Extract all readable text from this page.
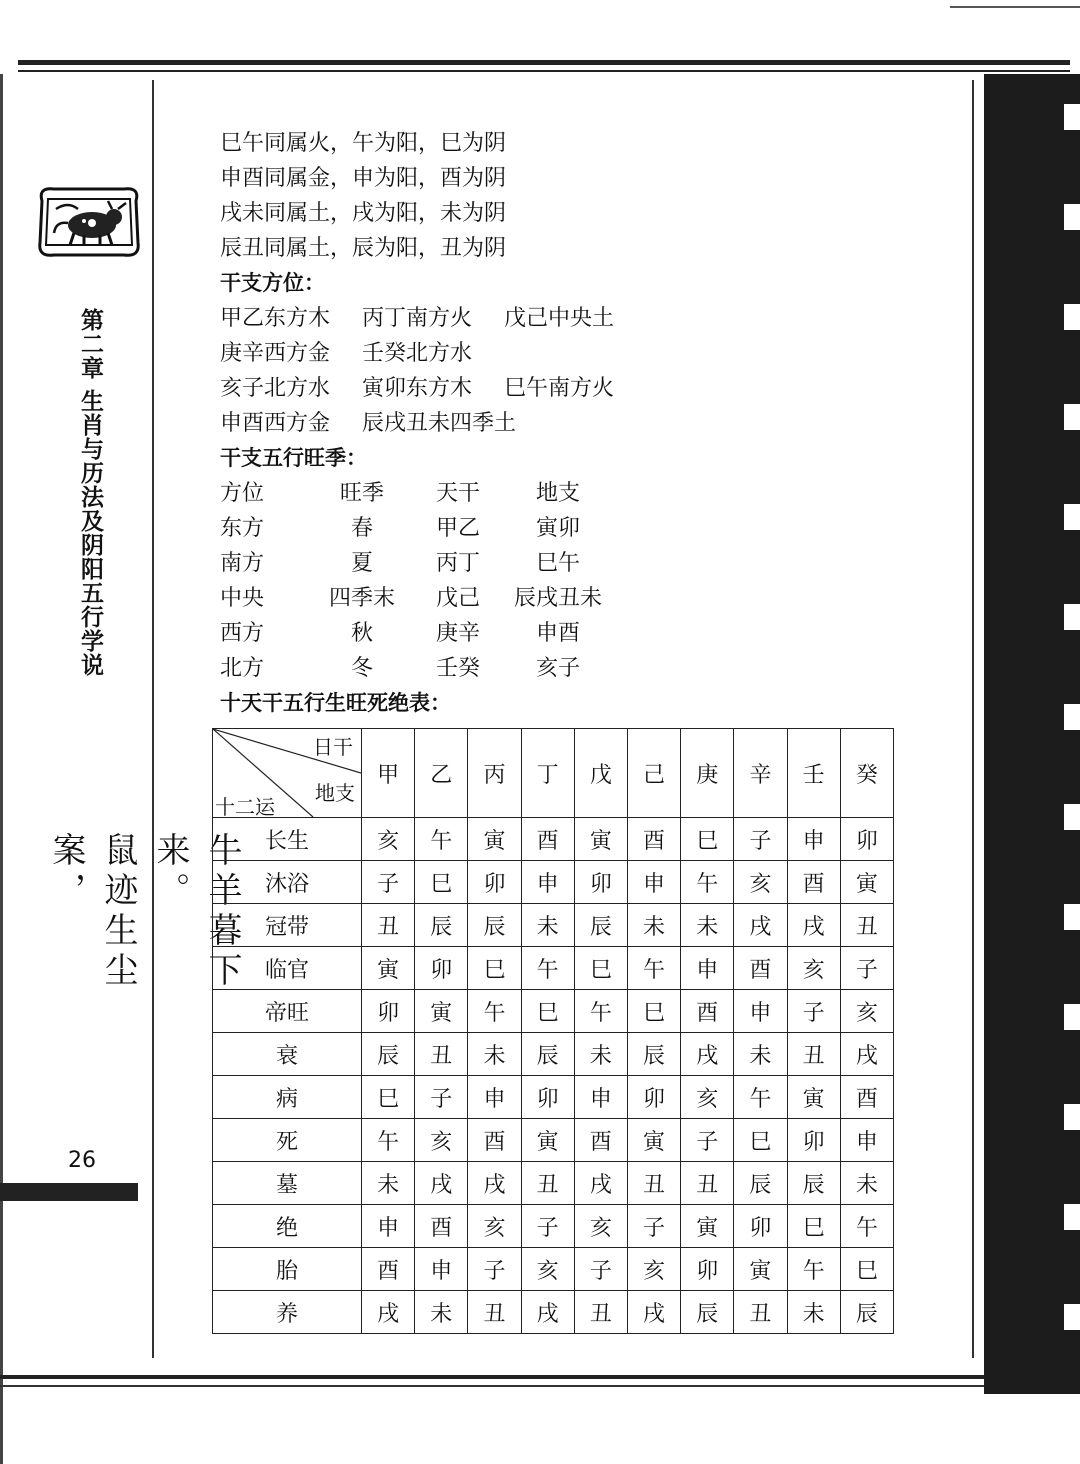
第二章 生肖与历法及阴阳五行学说
牛羊暮下来。
鼠迹生尘案，
26
巳午同属火，午为阳，巳为阴
申酉同属金，申为阳，酉为阴
戌未同属土，戌为阳，未为阴
辰丑同属土，辰为阳，丑为阴
干支方位：
甲乙东方木 丙丁南方火 戊己中央土
庚辛西方金 壬癸北方水
亥子北方水 寅卯东方木 巳午南方火
申酉西方金 辰戌丑未四季土
干支五行旺季：
方位	旺季 天干	地支
东方	春	甲乙	寅卯
南方	夏	丙丁	巳午
中央	四季末 戊己 辰戌丑未
西方	秋	庚辛	申酉
北方	冬	壬癸	亥子
十天干五行生旺死绝表：
日干
地支
十二运	甲	乙	丙	丁	戊	己	庚	辛	壬	癸
长生	亥	午	寅	酉	寅	酉	巳	子	申	卯
沐浴	子	巳	卯	申	卯	申	午	亥	酉	寅
冠带	丑	辰	辰	未	辰	未	未	戌	戌	丑
临官	寅	卯	巳	午	巳	午	申	酉	亥	子
帝旺	卯	寅	午	巳	午	巳	酉	申	子	亥
衰	辰	丑	未	辰	未	辰	戌	未	丑	戌
病	巳	子	申	卯	申	卯	亥	午	寅	酉
死	午	亥	酉	寅	酉	寅	子	巳	卯	申
墓	未	戌	戌	丑	戌	丑	丑	辰	辰	未
绝	申	酉	亥	子	亥	子	寅	卯	巳	午
胎	酉	申	子	亥	子	亥	卯	寅	午	巳
养	戌	未	丑	戌	丑	戌	辰	丑	未	辰
